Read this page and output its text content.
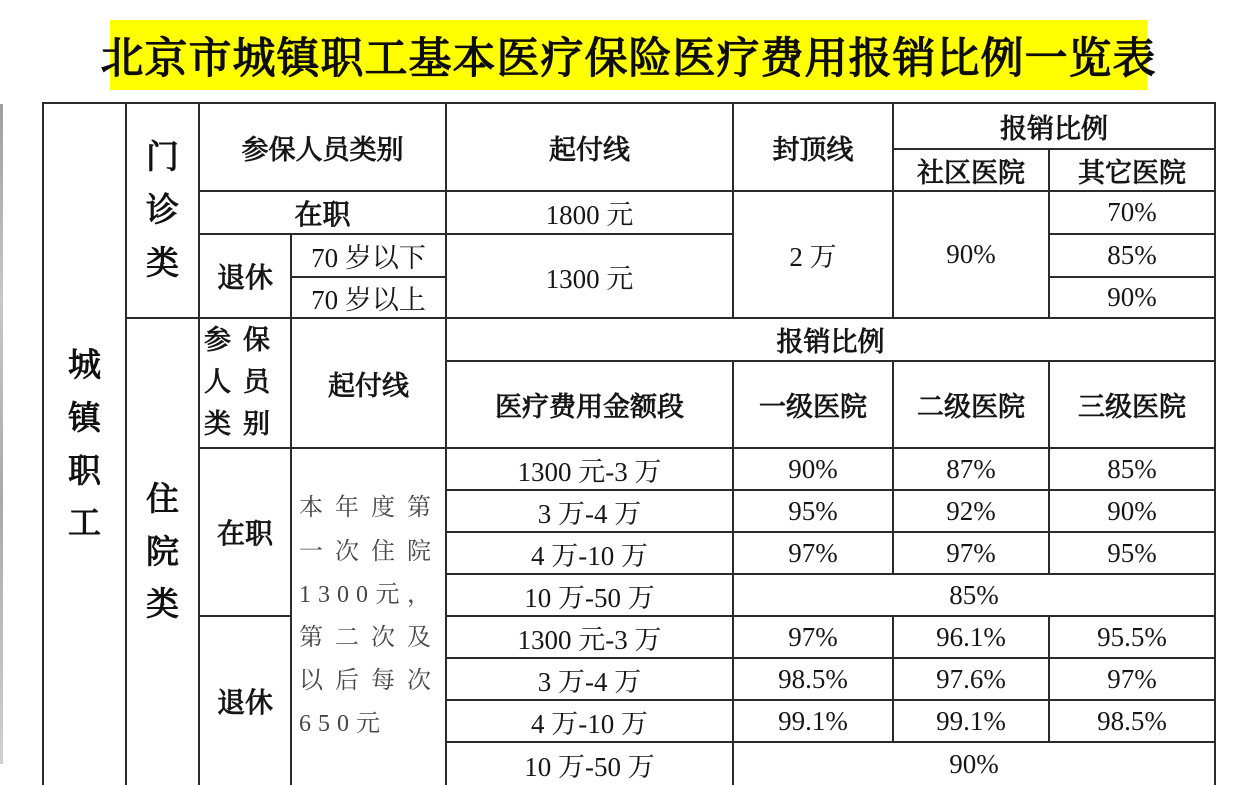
北京市城镇职工基本医疗保险医疗费用报销比例一览表
城镇职工	门诊类	参保人员类别		起付线	封顶线	报销比例	
						社区医院	其它医院
		在职		1800 元	2 万	90%	70%
		退休	70 岁以下	1300 元			85%
			70 岁以上				90%

	住院类	参保人员类别	起付线	报销比例			
				医疗费用金额段	一级医院	二级医院	三级医院
		在职	本年度第一次住院1300元，第二次及以后每次650元	1300 元-3 万	90%	87%	85%
				3 万-4 万	95%	92%	90%
				4 万-10 万	97%	97%	95%
				10 万-50 万	85%		
		退休		1300 元-3 万	97%	96.1%	95.5%
				3 万-4 万	98.5%	97.6%	97%
				4 万-10 万	99.1%	99.1%	98.5%
				10 万-50 万	90%		
